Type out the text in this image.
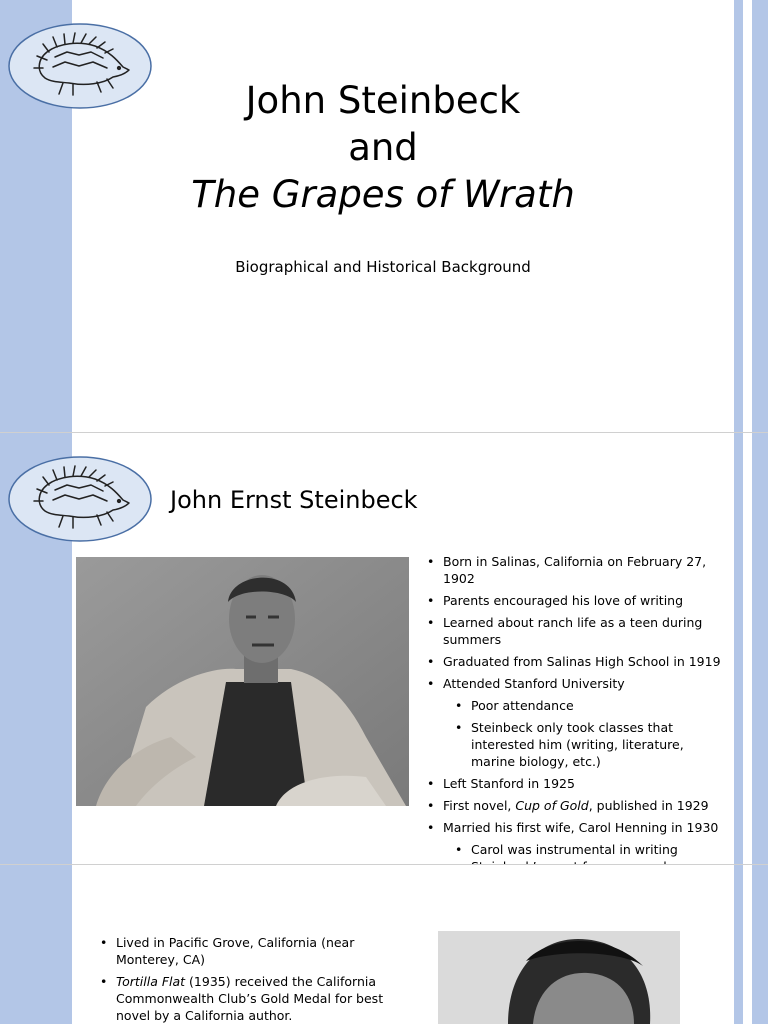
John Steinbeck
and
The Grapes of Wrath
Biographical and Historical Background
John Ernst Steinbeck
• Born in Salinas, California on February 27, 1902
• Parents encouraged his love of writing
• Learned about ranch life as a teen during summers
• Graduated from Salinas High School in 1919
• Attended Stanford University
• Poor attendance
• Steinbeck only took classes that interested him (writing, literature, marine biology, etc.)
• Left Stanford in 1925
• First novel, Cup of Gold, published in 1929
• Married his first wife, Carol Henning in 1930
• Carol was instrumental in writing
• Lived in Pacific Grove, California (near Monterey, CA)
• Tortilla Flat (1935) received the California Commonwealth Club’s Gold Medal for best novel by a California author.
